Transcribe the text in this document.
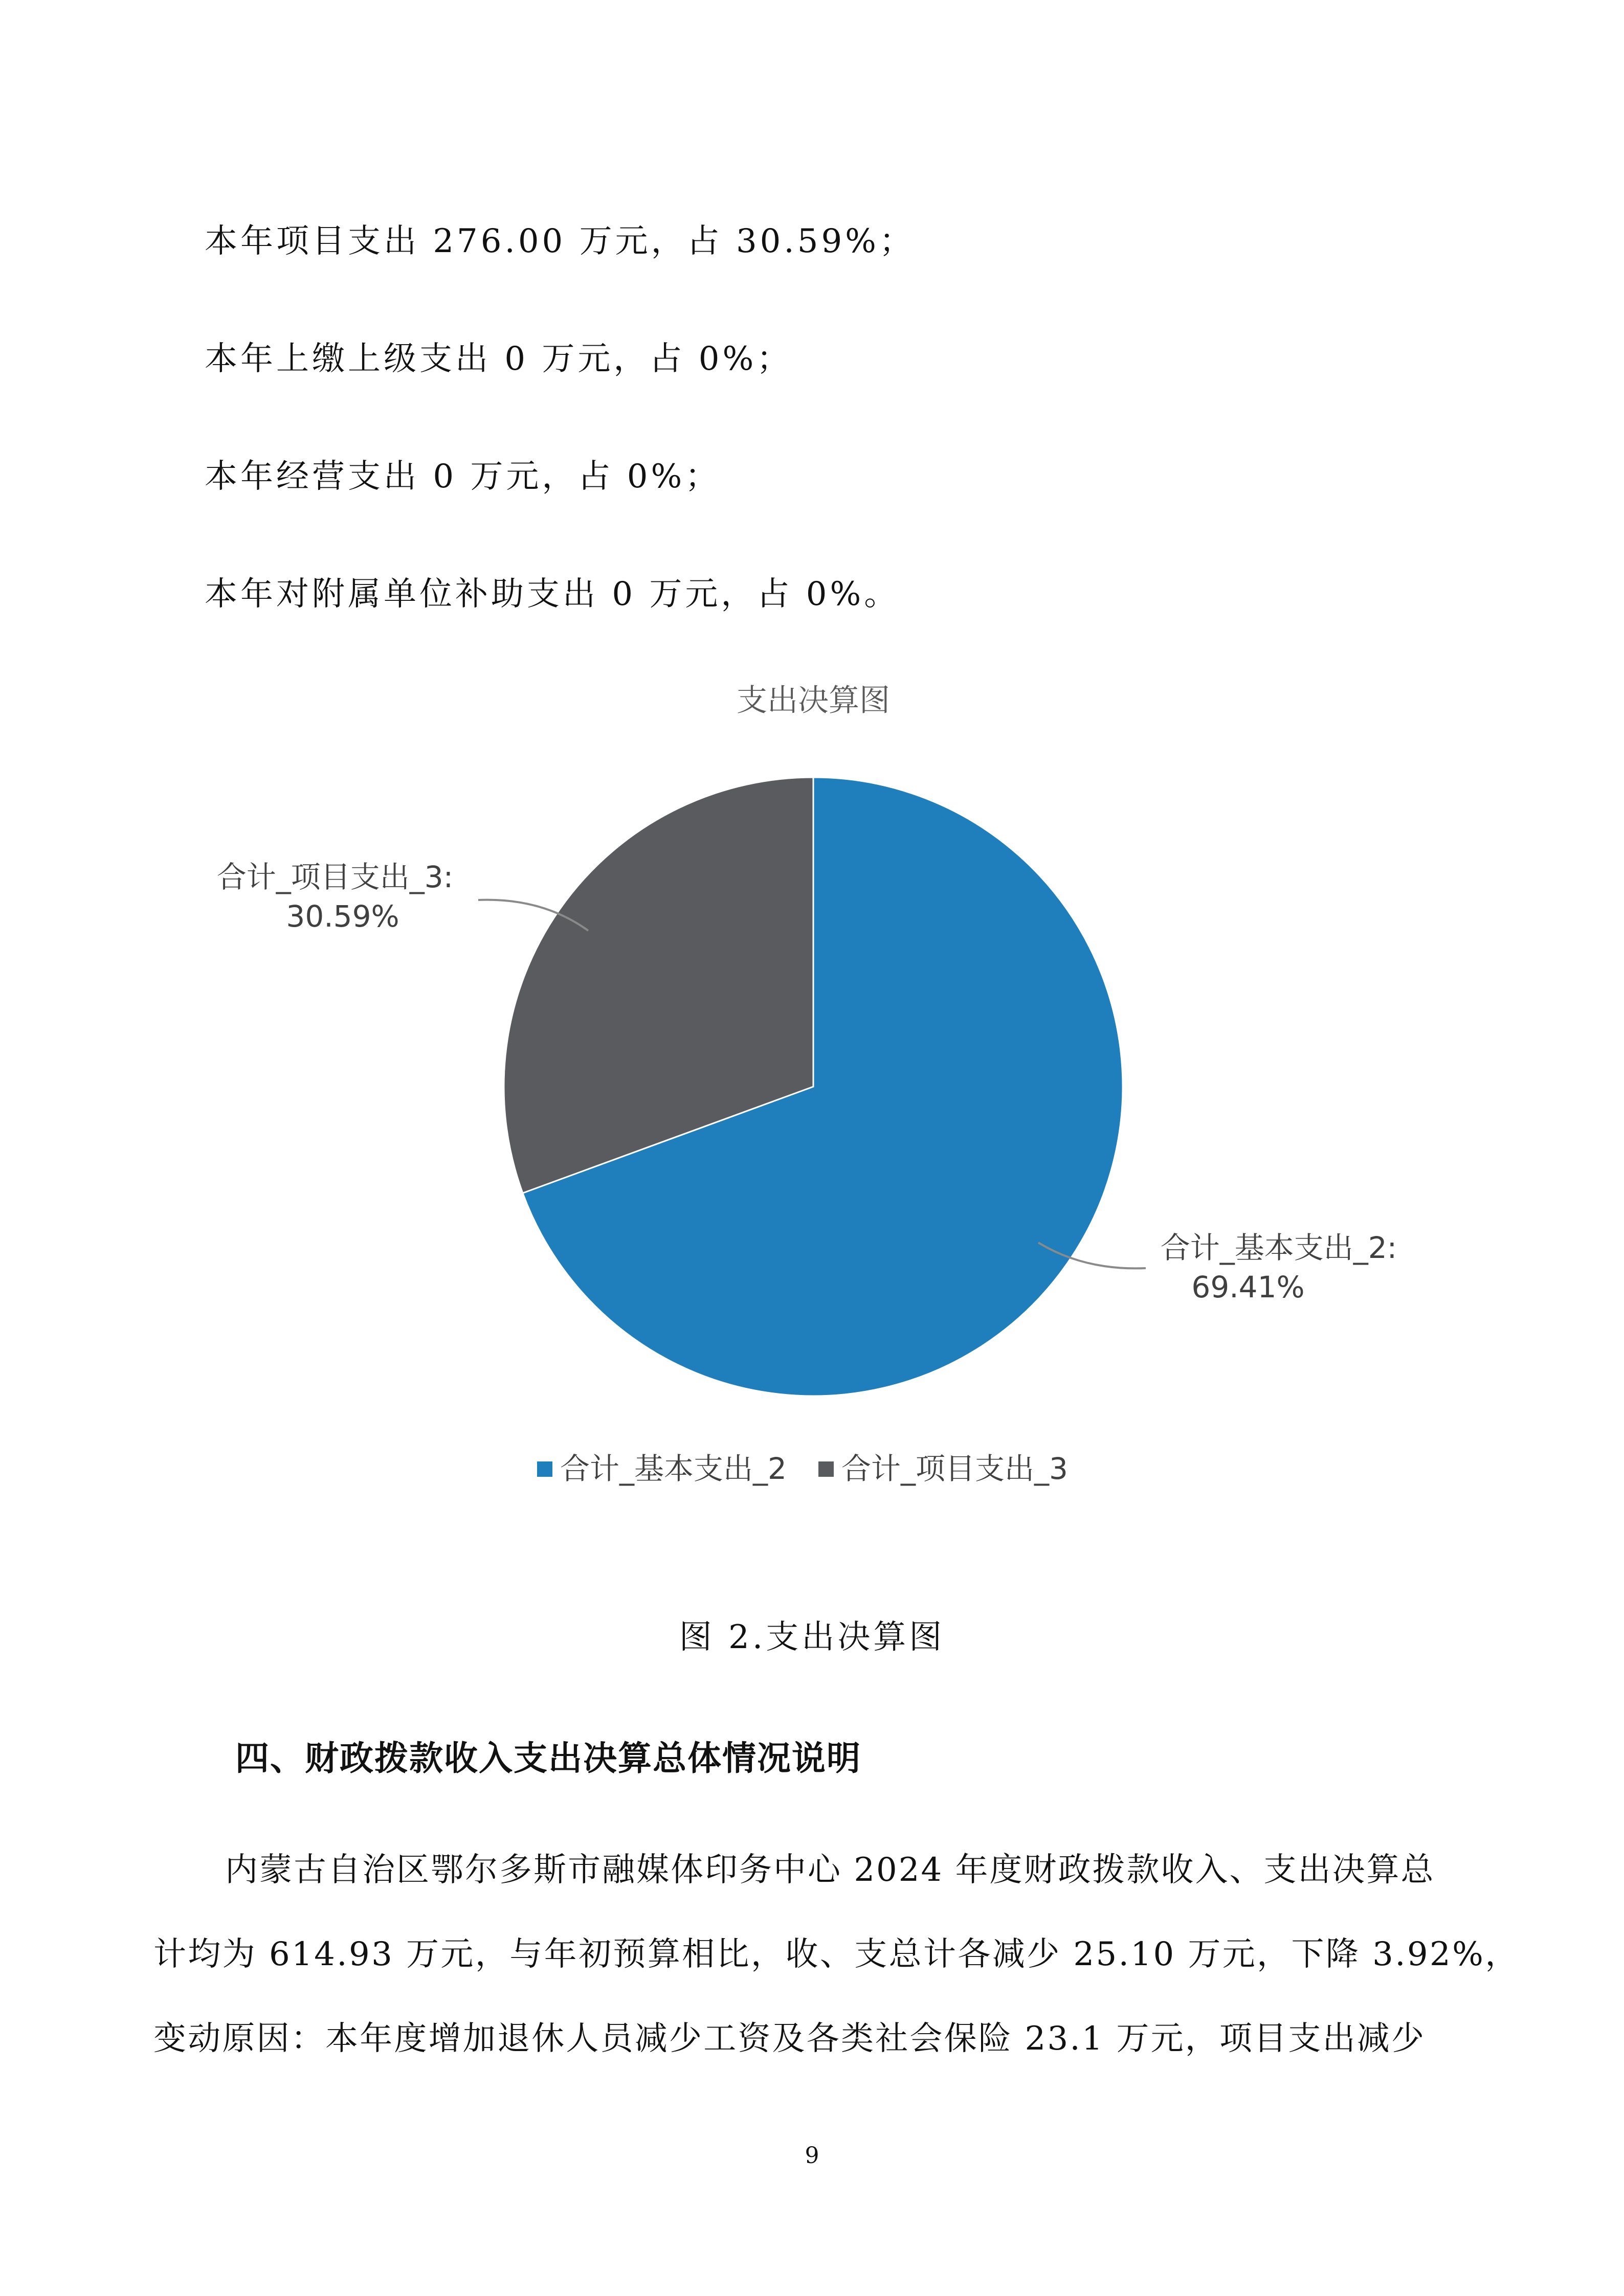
本年项目支出 276.00 万元，占 30.59%；
本年上缴上级支出 0 万元，占 0%；
本年经营支出 0 万元，占 0%；
本年对附属单位补助支出 0 万元，占 0%。
支出决算图
合计_项目支出_3:
30.59%
合计_基本支出_2:
69.41%
合计_基本支出_2 合计_项目支出_3
图 2.支出决算图
四、财政拨款收入支出决算总体情况说明
内蒙古自治区鄂尔多斯市融媒体印务中心 2024 年度财政拨款收入、支出决算总
计均为 614.93 万元，与年初预算相比，收、支总计各减少 25.10 万元，下降 3.92%，
变动原因：本年度增加退休人员减少工资及各类社会保险 23.1 万元，项目支出减少
9
